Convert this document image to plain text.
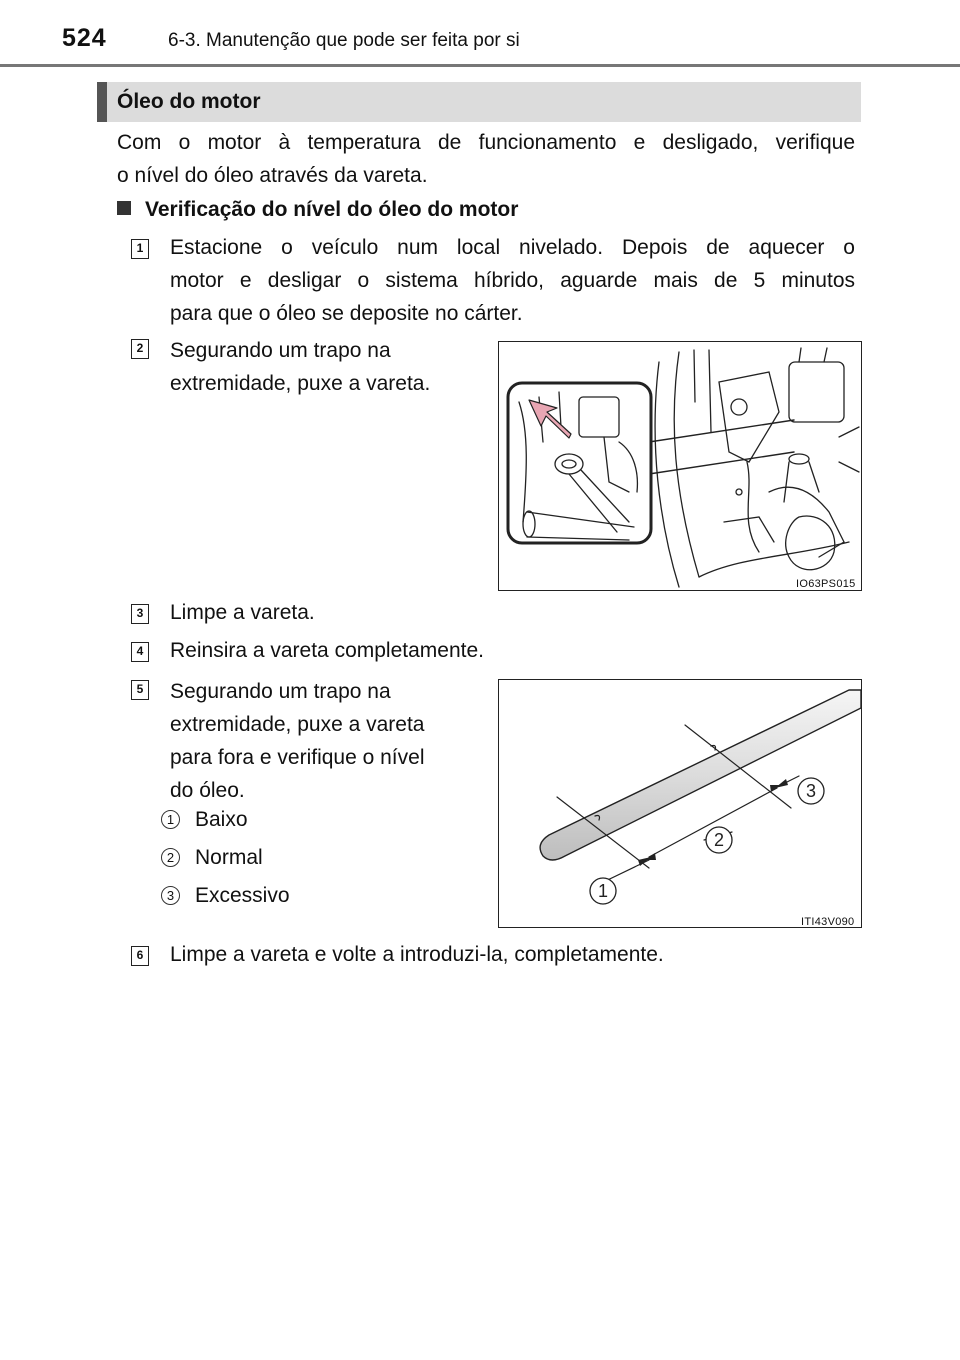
524	6-3. Manutenção que pode ser feita por si
Óleo do motor
Com o motor à temperatura de funcionamento e desligado, verifique
o nível do óleo através da vareta.
Verificação do nível do óleo do motor
1 Estacione o veículo num local nivelado. Depois de aquecer o
motor e desligar o sistema híbrido, aguarde mais de 5 minutos
para que o óleo se deposite no cárter.
2 Segurando um trapo na
extremidade, puxe a vareta.
IO63PS015
3 Limpe a vareta.
4 Reinsira a vareta completamente.
5 Segurando um trapo na
extremidade, puxe a vareta
para fora e verifique o nível
do óleo.
1 Baixo
2 Normal
3 Excessivo	1
2
3
ITI43V090
6 Limpe a vareta e volte a introduzi-la, completamente.
